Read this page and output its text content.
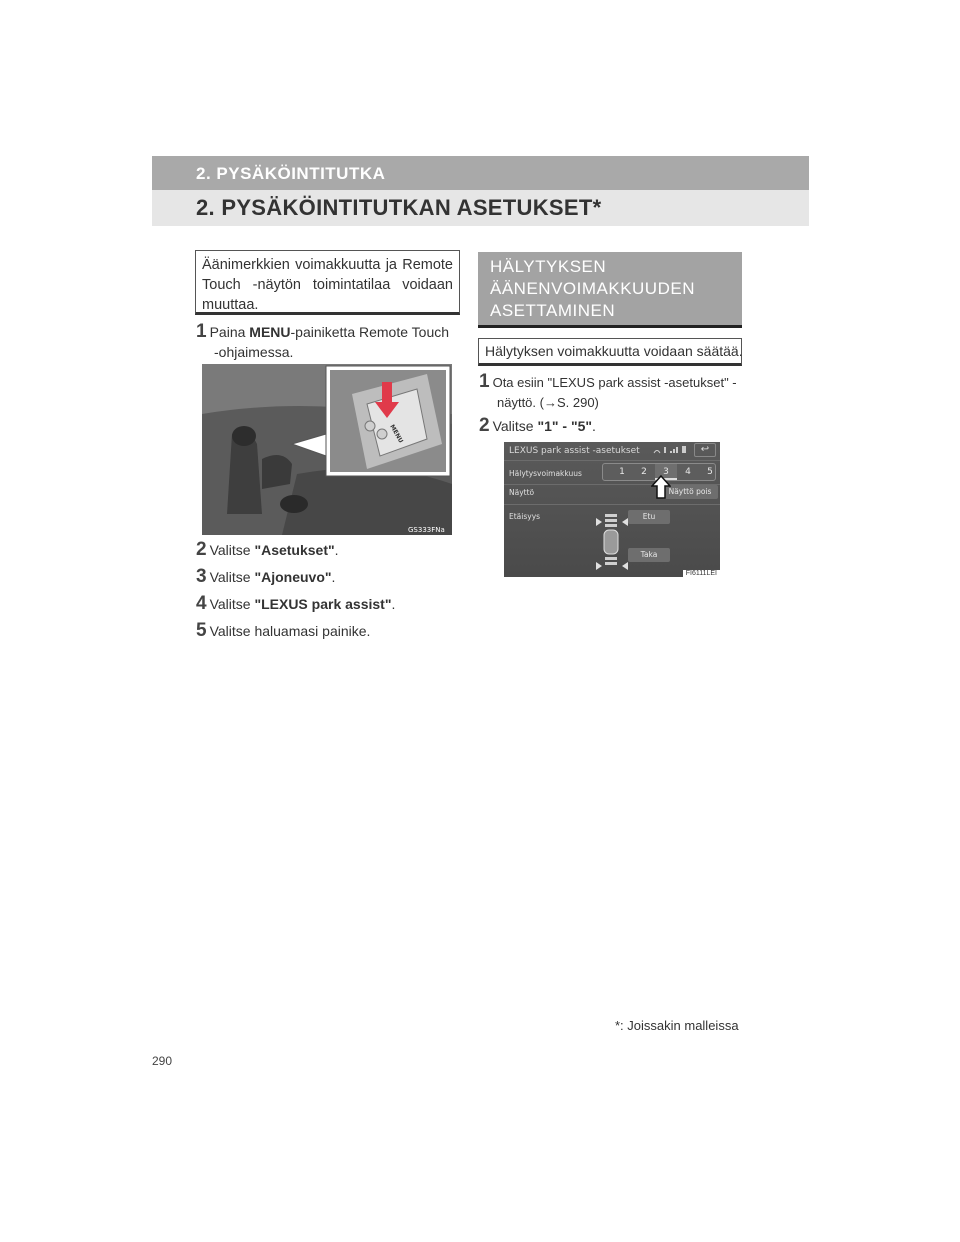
2. PYSÄKÖINTITUTKA
2. PYSÄKÖINTITUTKAN ASETUKSET*
Äänimerkkien voimakkuutta ja Remote Touch -näytön toimintatilaa voidaan muuttaa.
1 Paina MENU-painiketta Remote Touch
-ohjaimessa.
MENU
GS333FNa
2 Valitse "Asetukset".
3 Valitse "Ajoneuvo".
4 Valitse "LEXUS park assist".
5 Valitse haluamasi painike.
HÄLYTYKSEN
ÄÄNENVOIMAKKUUDEN
ASETTAMINEN
Hälytyksen voimakkuutta voidaan säätää.
1 Ota esiin "LEXUS park assist -asetukset" -
näyttö. (→S. 290)
2 Valitse "1" - "5".
LEXUS park assist -asetukset	↩
Hälytysvoimakkuus	1	2	3	4	5
Näyttö	Näyttö pois
Etäisyys	Etu
Taka
FI6111LEI
*: Joissakin malleissa
290
